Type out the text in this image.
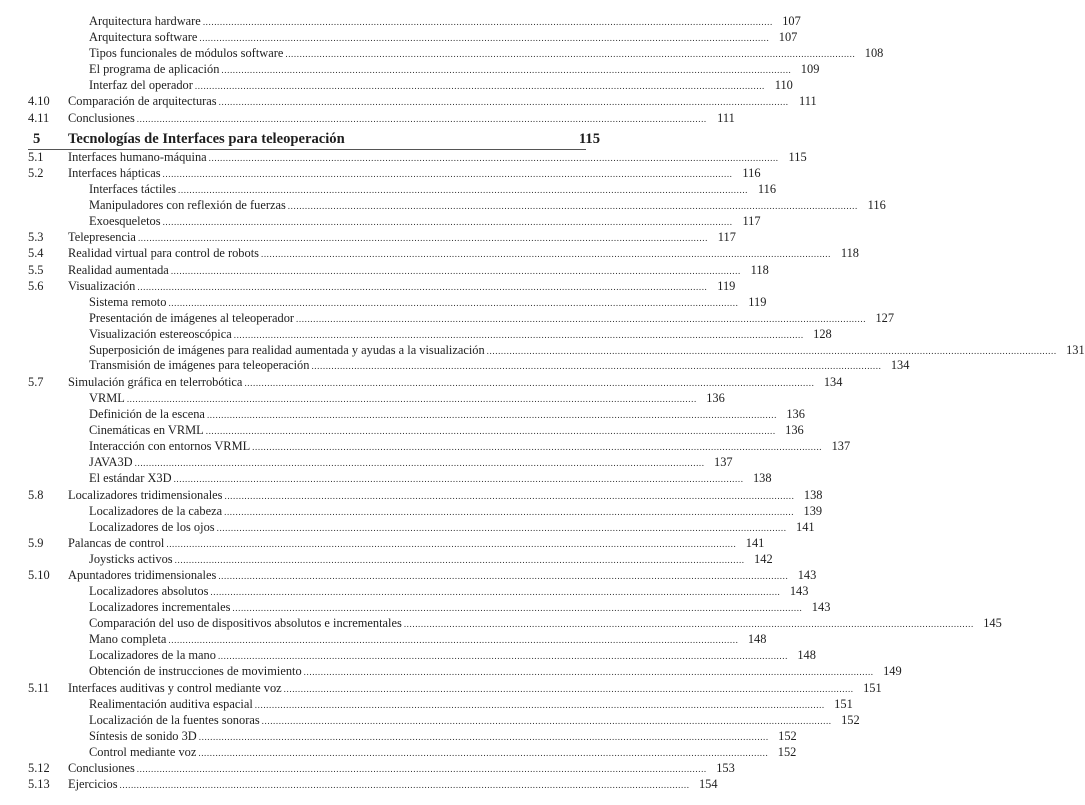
Arquitectura hardware ........................................................................................................................................................................................................ 107
Arquitectura software ........................................................................................................................................................................................................ 107
Tipos funcionales de módulos software ........................................................................................................................................................................................................ 108
El programa de aplicación ........................................................................................................................................................................................................ 109
Interfaz del operador ........................................................................................................................................................................................................ 110
4.10 Comparación de arquitecturas ........................................................................................................................................................................................................ 111
4.11 Conclusiones ........................................................................................................................................................................................................ 111
5 Tecnologías de Interfaces para teleoperación	115
5.1 Interfaces humano-máquina ........................................................................................................................................................................................................ 115
5.2 Interfaces hápticas ........................................................................................................................................................................................................ 116
Interfaces táctiles ........................................................................................................................................................................................................ 116
Manipuladores con reflexión de fuerzas ........................................................................................................................................................................................................ 116
Exoesqueletos ........................................................................................................................................................................................................ 117
5.3 Telepresencia ........................................................................................................................................................................................................ 117
5.4 Realidad virtual para control de robots ........................................................................................................................................................................................................ 118
5.5 Realidad aumentada ........................................................................................................................................................................................................ 118
5.6 Visualización ........................................................................................................................................................................................................ 119
Sistema remoto ........................................................................................................................................................................................................ 119
Presentación de imágenes al teleoperador ........................................................................................................................................................................................................ 127
Visualización estereoscópica ........................................................................................................................................................................................................ 128
Superposición de imágenes para realidad aumentada y ayudas a la visualización ........................................................................................................................................................................................................ 131
Transmisión de imágenes para teleoperación ........................................................................................................................................................................................................ 134
5.7 Simulación gráfica en telerrobótica ........................................................................................................................................................................................................ 134
VRML ........................................................................................................................................................................................................ 136
Definición de la escena ........................................................................................................................................................................................................ 136
Cinemáticas en VRML ........................................................................................................................................................................................................ 136
Interacción con entornos VRML ........................................................................................................................................................................................................ 137
JAVA3D ........................................................................................................................................................................................................ 137
El estándar X3D ........................................................................................................................................................................................................ 138
5.8 Localizadores tridimensionales ........................................................................................................................................................................................................ 138
Localizadores de la cabeza ........................................................................................................................................................................................................ 139
Localizadores de los ojos ........................................................................................................................................................................................................ 141
5.9 Palancas de control ........................................................................................................................................................................................................ 141
Joysticks activos ........................................................................................................................................................................................................ 142
5.10 Apuntadores tridimensionales ........................................................................................................................................................................................................ 143
Localizadores absolutos ........................................................................................................................................................................................................ 143
Localizadores incrementales ........................................................................................................................................................................................................ 143
Comparación del uso de dispositivos absolutos e incrementales ........................................................................................................................................................................................................ 145
Mano completa ........................................................................................................................................................................................................ 148
Localizadores de la mano ........................................................................................................................................................................................................ 148
Obtención de instrucciones de movimiento ........................................................................................................................................................................................................ 149
5.11 Interfaces auditivas y control mediante voz ........................................................................................................................................................................................................ 151
Realimentación auditiva espacial ........................................................................................................................................................................................................ 151
Localización de la fuentes sonoras ........................................................................................................................................................................................................ 152
Síntesis de sonido 3D ........................................................................................................................................................................................................ 152
Control mediante voz ........................................................................................................................................................................................................ 152
5.12 Conclusiones ........................................................................................................................................................................................................ 153
5.13 Ejercicios ........................................................................................................................................................................................................ 154
